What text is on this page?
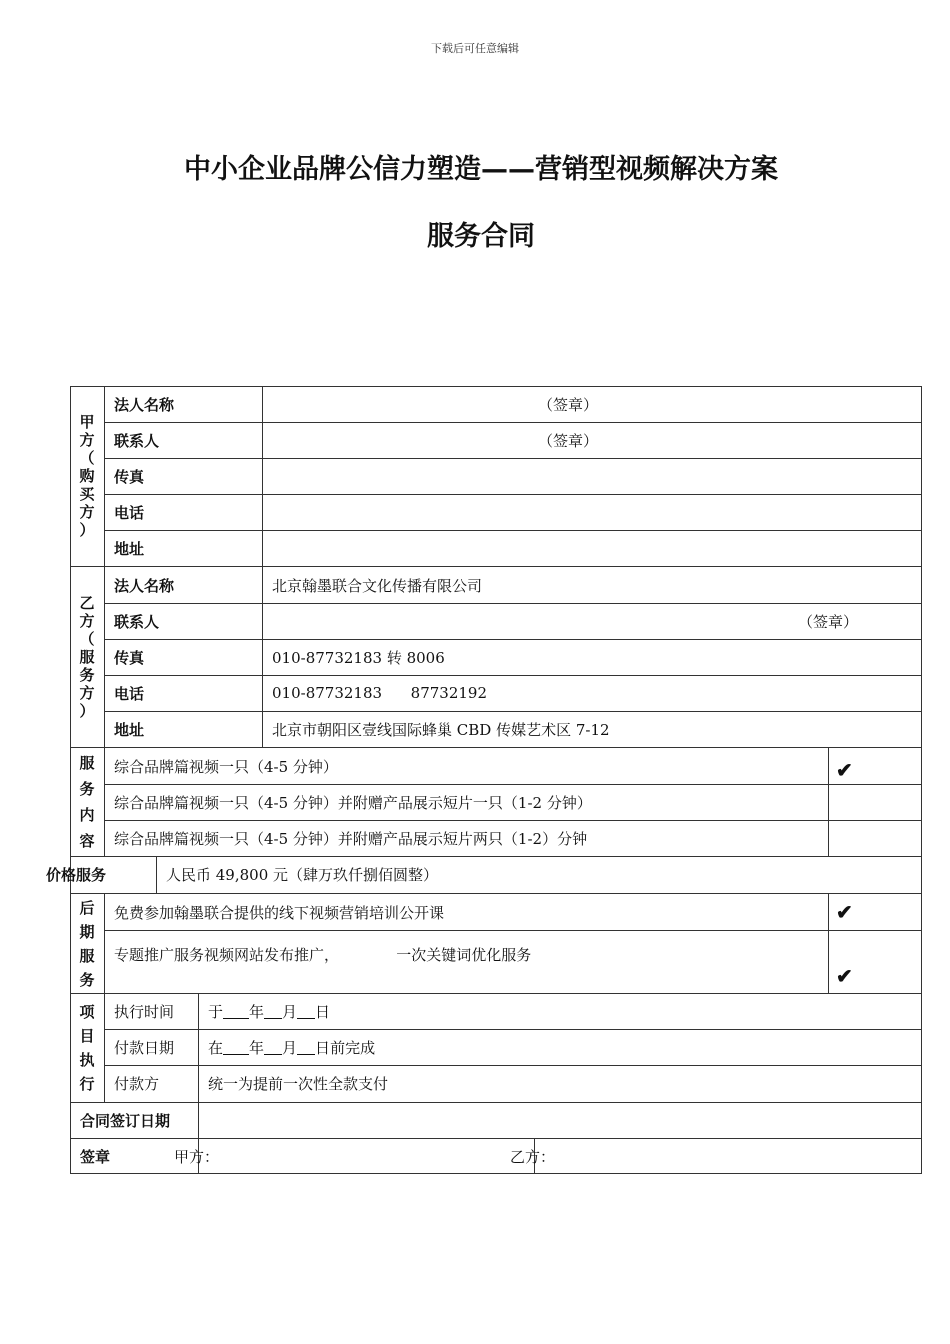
下载后可任意编辑
中小企业品牌公信力塑造——营销型视频解决方案
服务合同
甲
方
（
购
买
方
）
法人名称	（签章）
联系人	（签章）
传真
电话
地址
乙
方
（
服
务
方
）
法人名称	北京翰墨联合文化传播有限公司
联系人	（签章）
传真	010-87732183 转 8006
电话	010-87732183      87732192
地址	北京市朝阳区壹线国际蜂巢 CBD 传媒艺术区 7-12
服
务
内
容
综合品牌篇视频一只（4-5 分钟）	✔
综合品牌篇视频一只（4-5 分钟）并附赠产品展示短片一只（1-2 分钟）
综合品牌篇视频一只（4-5 分钟）并附赠产品展示短片两只（1-2）分钟
价格服务	人民币 49,800 元（肆万玖仟捌佰圆整）
后
期
服
务
免费参加翰墨联合提供的线下视频营销培训公开课	✔
专题推广服务视频网站发布推广，            一次关键词优化服务
✔
项
目
执
行
执行时间 于 年 月 日
付款日期 在 年 月 日 前完成
付款方	统一为提前一次性全款支付
合同签订日期
签章	甲方：	乙方：
